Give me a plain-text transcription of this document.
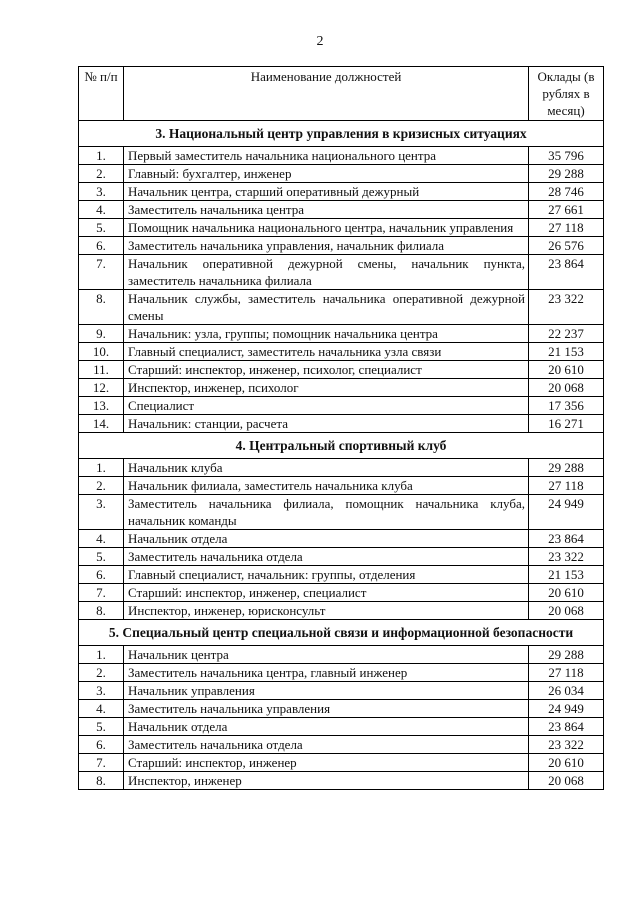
2
№ п/п	Наименование должностей	Оклады (в рублях в месяц)
3. Национальный центр управления в кризисных ситуациях		
1.	Первый заместитель начальника национального центра	35 796
2.	Главный: бухгалтер, инженер	29 288
3.	Начальник центра, старший оперативный дежурный	28 746
4.	Заместитель начальника центра	27 661
5.	Помощник начальника национального центра, начальник управления	27 118
6.	Заместитель начальника управления, начальник филиала	26 576
7.	Начальник оперативной дежурной смены, начальник пункта, заместитель начальника филиала	23 864
8.	Начальник службы, заместитель начальника оперативной дежурной смены	23 322
9.	Начальник: узла, группы; помощник начальника центра	22 237
10.	Главный специалист, заместитель начальника узла связи	21 153
11.	Старший: инспектор, инженер, психолог, специалист	20 610
12.	Инспектор, инженер, психолог	20 068
13.	Специалист	17 356
14.	Начальник: станции, расчета	16 271
4. Центральный спортивный клуб		
1.	Начальник клуба	29 288
2.	Начальник филиала, заместитель начальника клуба	27 118
3.	Заместитель начальника филиала, помощник начальника клуба, начальник команды	24 949
4.	Начальник отдела	23 864
5.	Заместитель начальника отдела	23 322
6.	Главный специалист, начальник: группы, отделения	21 153
7.	Старший: инспектор, инженер, специалист	20 610
8.	Инспектор, инженер, юрисконсульт	20 068
5. Специальный центр специальной связи и информационной безопасности		
1.	Начальник центра	29 288
2.	Заместитель начальника центра, главный инженер	27 118
3.	Начальник управления	26 034
4.	Заместитель начальника управления	24 949
5.	Начальник отдела	23 864
6.	Заместитель начальника отдела	23 322
7.	Старший: инспектор, инженер	20 610
8.	Инспектор, инженер	20 068
